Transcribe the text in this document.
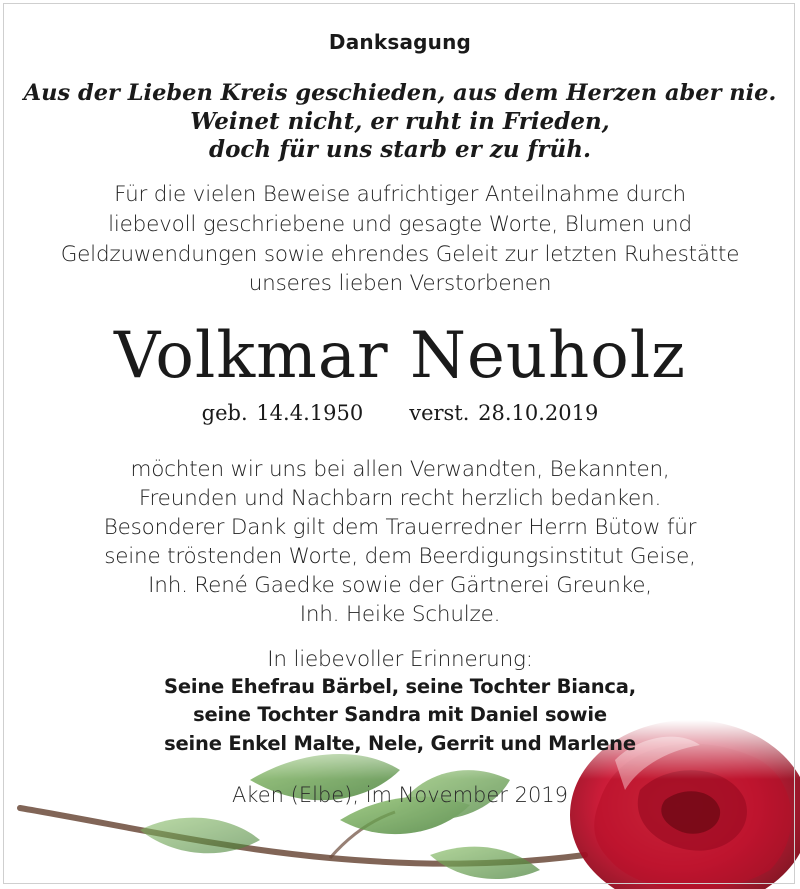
Danksagung
Aus der Lieben Kreis geschieden, aus dem Herzen aber nie.
Weinet nicht, er ruht in Frieden,
doch für uns starb er zu früh.
Für die vielen Beweise aufrichtiger Anteilnahme durch
liebevoll geschriebene und gesagte Worte, Blumen und
Geldzuwendungen sowie ehrendes Geleit zur letzten Ruhestätte
unseres lieben Verstorbenen
Volkmar Neuholz
geb. 14.4.1950 verst. 28.10.2019
möchten wir uns bei allen Verwandten, Bekannten,
Freunden und Nachbarn recht herzlich bedanken.
Besonderer Dank gilt dem Trauerredner Herrn Bütow für
seine tröstenden Worte, dem Beerdigungsinstitut Geise,
Inh. René Gaedke sowie der Gärtnerei Greunke,
Inh. Heike Schulze.
In liebevoller Erinnerung:
Seine Ehefrau Bärbel, seine Tochter Bianca,
seine Tochter Sandra mit Daniel sowie
seine Enkel Malte, Nele, Gerrit und Marlene
Aken (Elbe), im November 2019
